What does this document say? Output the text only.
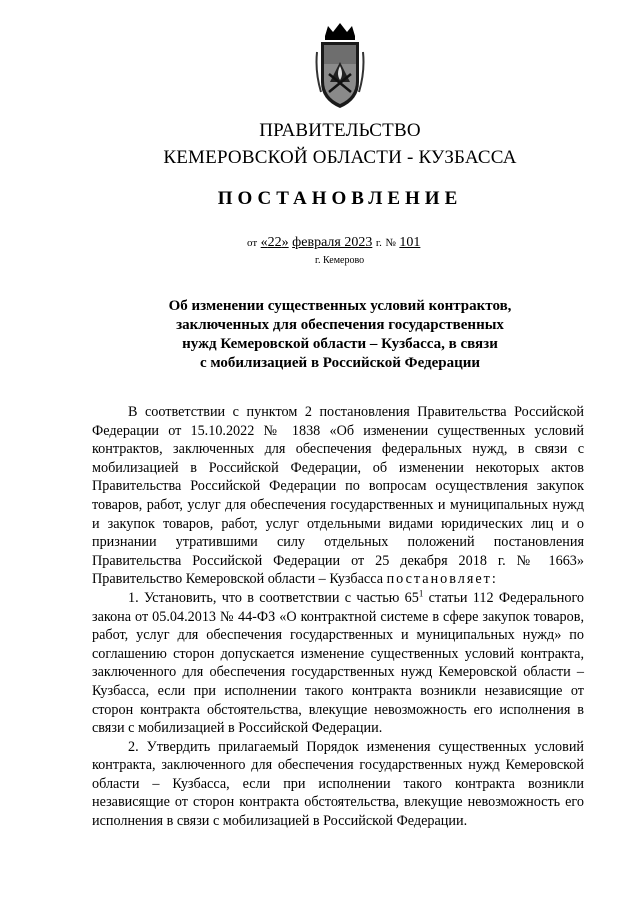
ПРАВИТЕЛЬСТВО
КЕМЕРОВСКОЙ ОБЛАСТИ - КУЗБАССА
ПОСТАНОВЛЕНИЕ
от «22» февраля 2023 г. № 101
г. Кемерово
Об изменении существенных условий контрактов,
заключенных для обеспечения государственных
нужд Кемеровской области – Кузбасса, в связи
с мобилизацией в Российской Федерации

В соответствии с пунктом 2 постановления Правительства Российской Федерации от 15.10.2022 № 1838 «Об изменении существенных условий контрактов, заключенных для обеспечения федеральных нужд, в связи с мобилизацией в Российской Федерации, об изменении некоторых актов Правительства Российской Федерации по вопросам осуществления закупок товаров, работ, услуг для обеспечения государственных и муниципальных нужд и закупок товаров, работ, услуг отдельными видами юридических лиц и о признании утратившими силу отдельных положений постановления Правительства Российской Федерации от 25 декабря 2018 г. № 1663» Правительство Кемеровской области – Кузбасса постановляет:

1. Установить, что в соответствии с частью $65^1$ статьи 112 Федерального закона от 05.04.2013 № 44-ФЗ «О контрактной системе в сфере закупок товаров, работ, услуг для обеспечения государственных и муниципальных нужд» по соглашению сторон допускается изменение существенных условий контракта, заключенного для обеспечения государственных нужд Кемеровской области – Кузбасса, если при исполнении такого контракта возникли независящие от сторон контракта обстоятельства, влекущие невозможность его исполнения в связи с мобилизацией в Российской Федерации.

2. Утвердить прилагаемый Порядок изменения существенных условий контракта, заключенного для обеспечения государственных нужд Кемеровской области – Кузбасса, если при исполнении такого контракта возникли независящие от сторон контракта обстоятельства, влекущие невозможность его исполнения в связи с мобилизацией в Российской Федерации.
